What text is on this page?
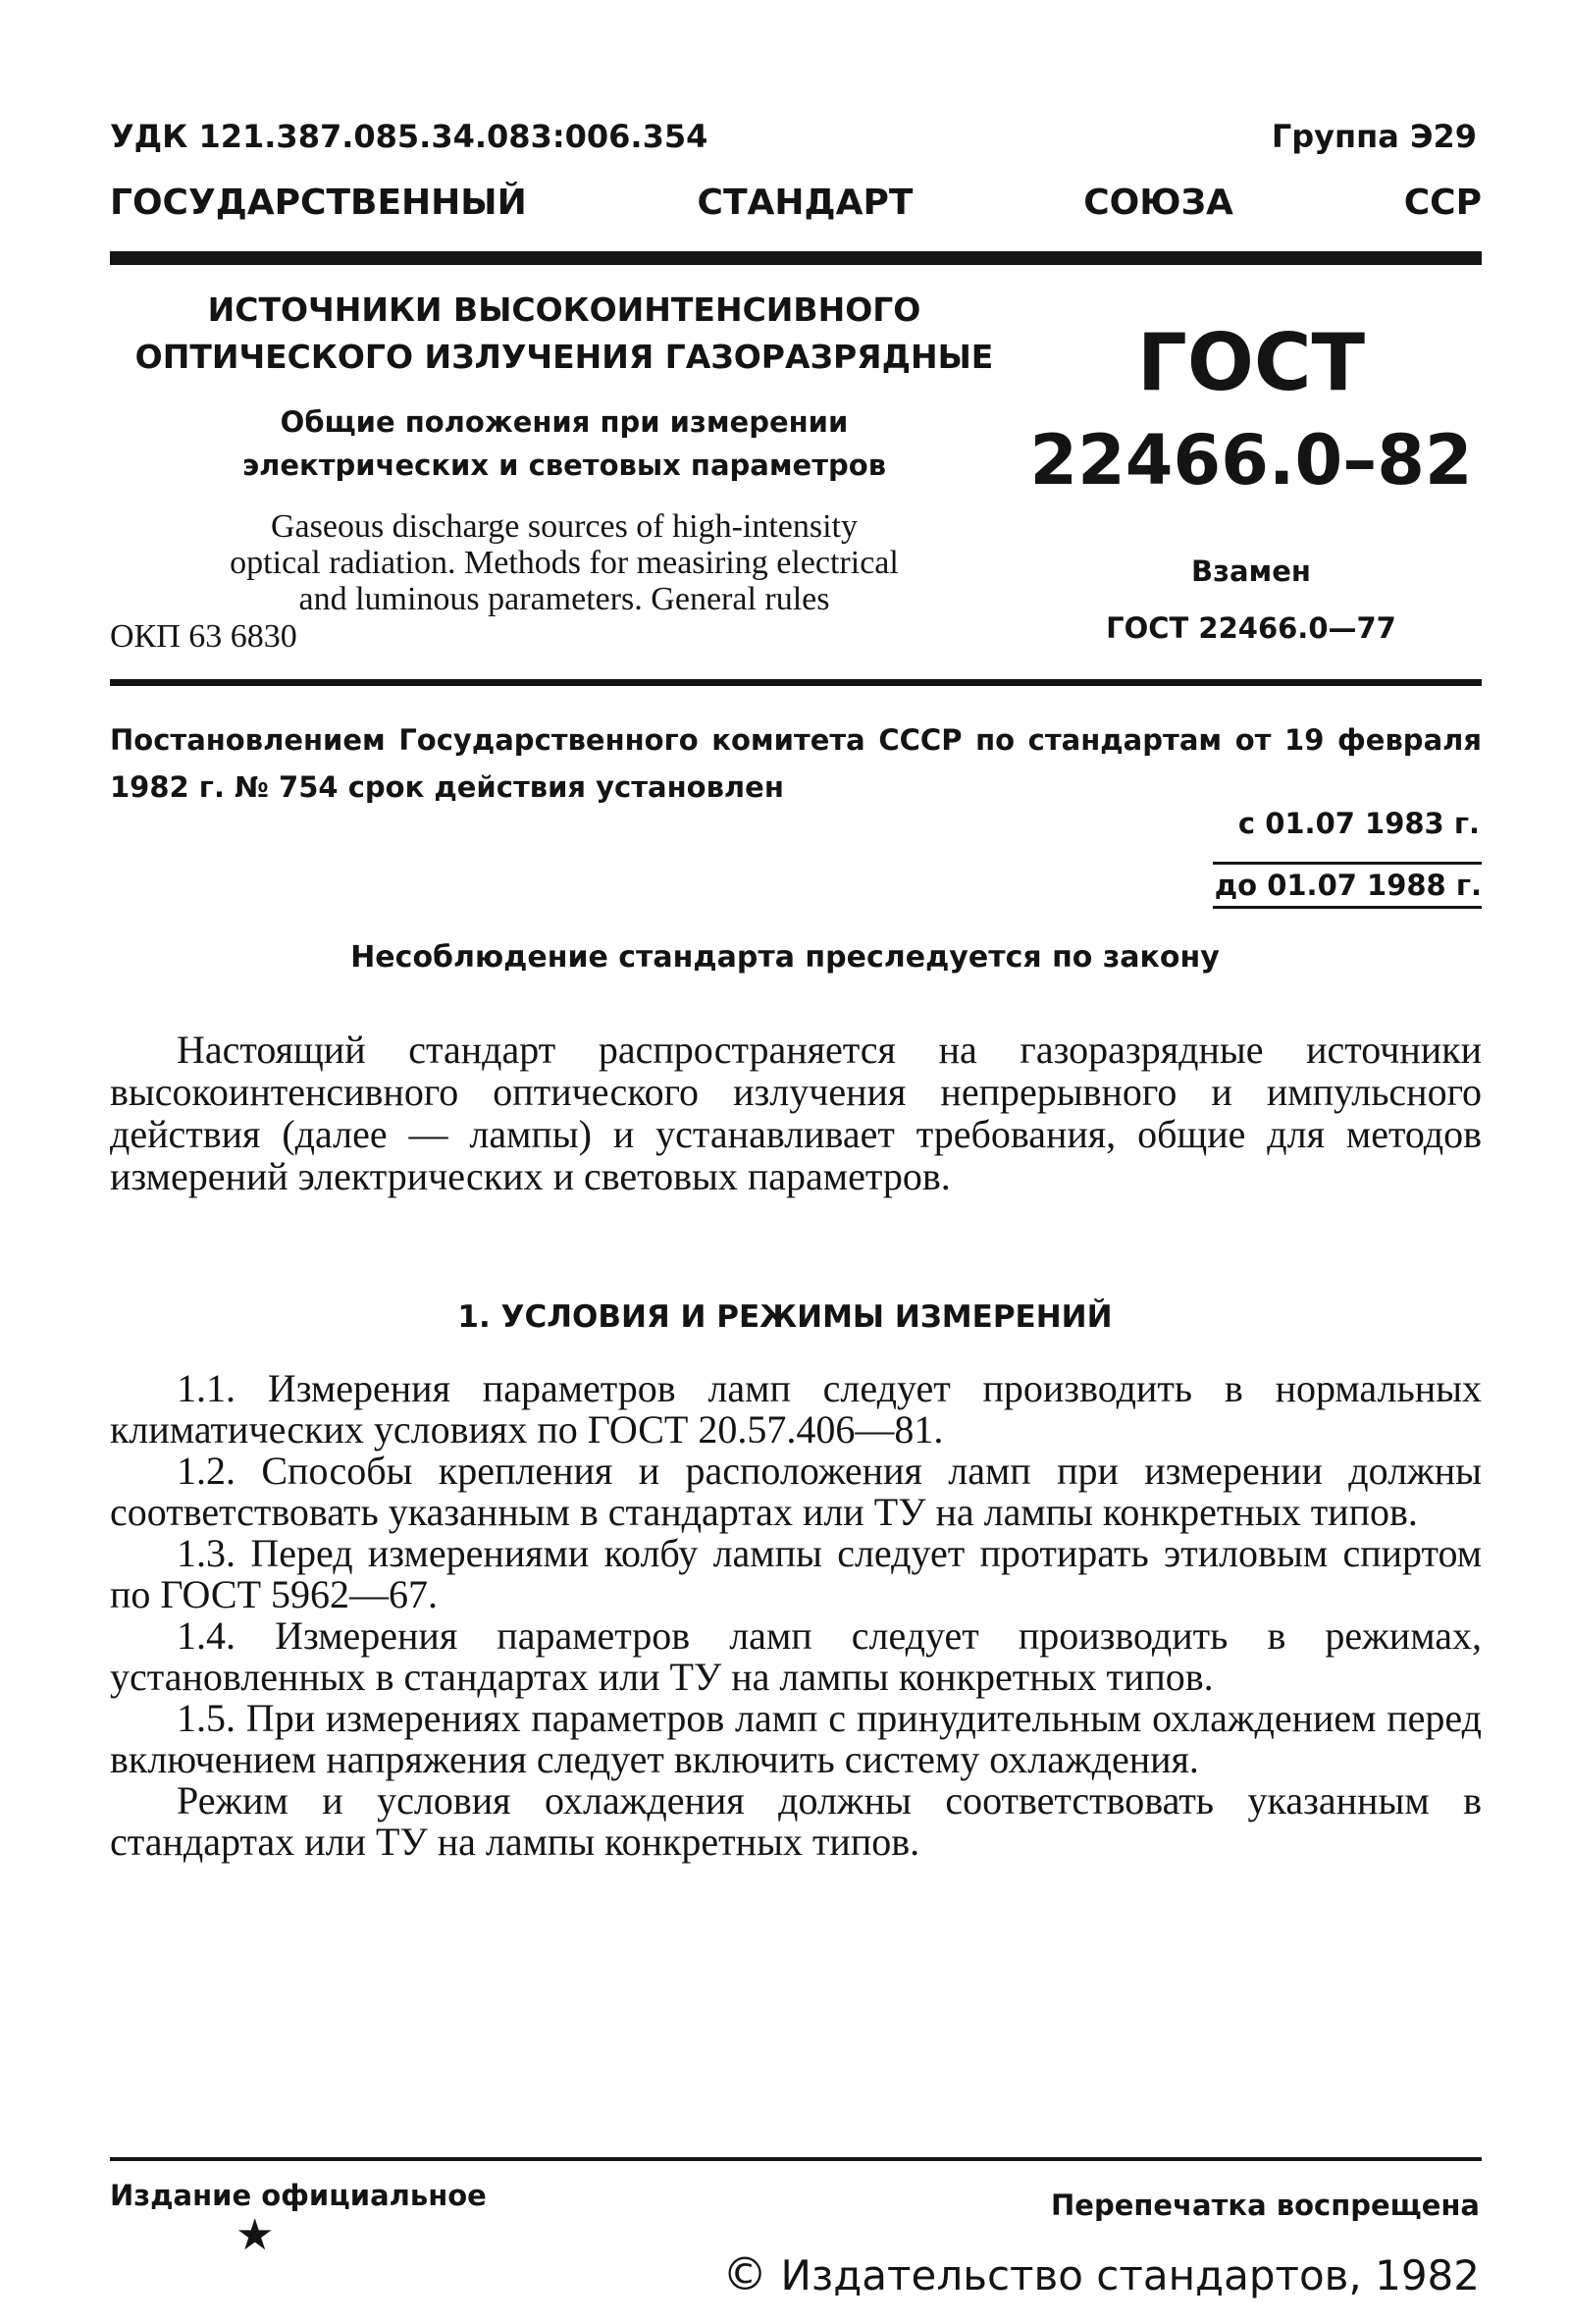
УДК 121.387.085.34.083:006.354	Группа Э29
ГОСУДАРСТВЕННЫЙ	СТАНДАРТ	СОЮЗА	ССР
ИСТОЧНИКИ ВЫСОКОИНТЕНСИВНОГО
ОПТИЧЕСКОГО ИЗЛУЧЕНИЯ ГАЗОРАЗРЯДНЫЕ
Общие положения при измерении
электрических и световых параметров
Gaseous discharge sources of high-intensity
optical radiation. Methods for measiring electrical
and luminous parameters. General rules
ОКП 63 6830
ГОСТ
22466.0–82
Взамен
ГОСТ 22466.0—77
Постановлением Государственного комитета СССР по стандартам от 19 февраля 1982 г. № 754 срок действия установлен
с 01.07 1983 г.
до 01.07 1988 г.
Несоблюдение стандарта преследуется по закону

Настоящий стандарт распространяется на газоразрядные источники высокоинтенсивного оптического излучения непрерывного и импульсного действия (далее — лампы) и устанавливает требования, общие для методов измерений электрических и световых параметров.

1. УСЛОВИЯ И РЕЖИМЫ ИЗМЕРЕНИЙ

1.1. Измерения параметров ламп следует производить в нормальных климатических условиях по ГОСТ 20.57.406—81.

1.2. Способы крепления и расположения ламп при измерении должны соответствовать указанным в стандартах или ТУ на лампы конкретных типов.

1.3. Перед измерениями колбу лампы следует протирать этиловым спиртом по ГОСТ 5962—67.

1.4. Измерения параметров ламп следует производить в режимах, установленных в стандартах или ТУ на лампы конкретных типов.

1.5. При измерениях параметров ламп с принудительным охлаждением перед включением напряжения следует включить систему охлаждения.

Режим и условия охлаждения должны соответствовать указанным в стандартах или ТУ на лампы конкретных типов.

Издание официальное	Перепечатка воспрещена
★
© Издательство стандартов, 1982
